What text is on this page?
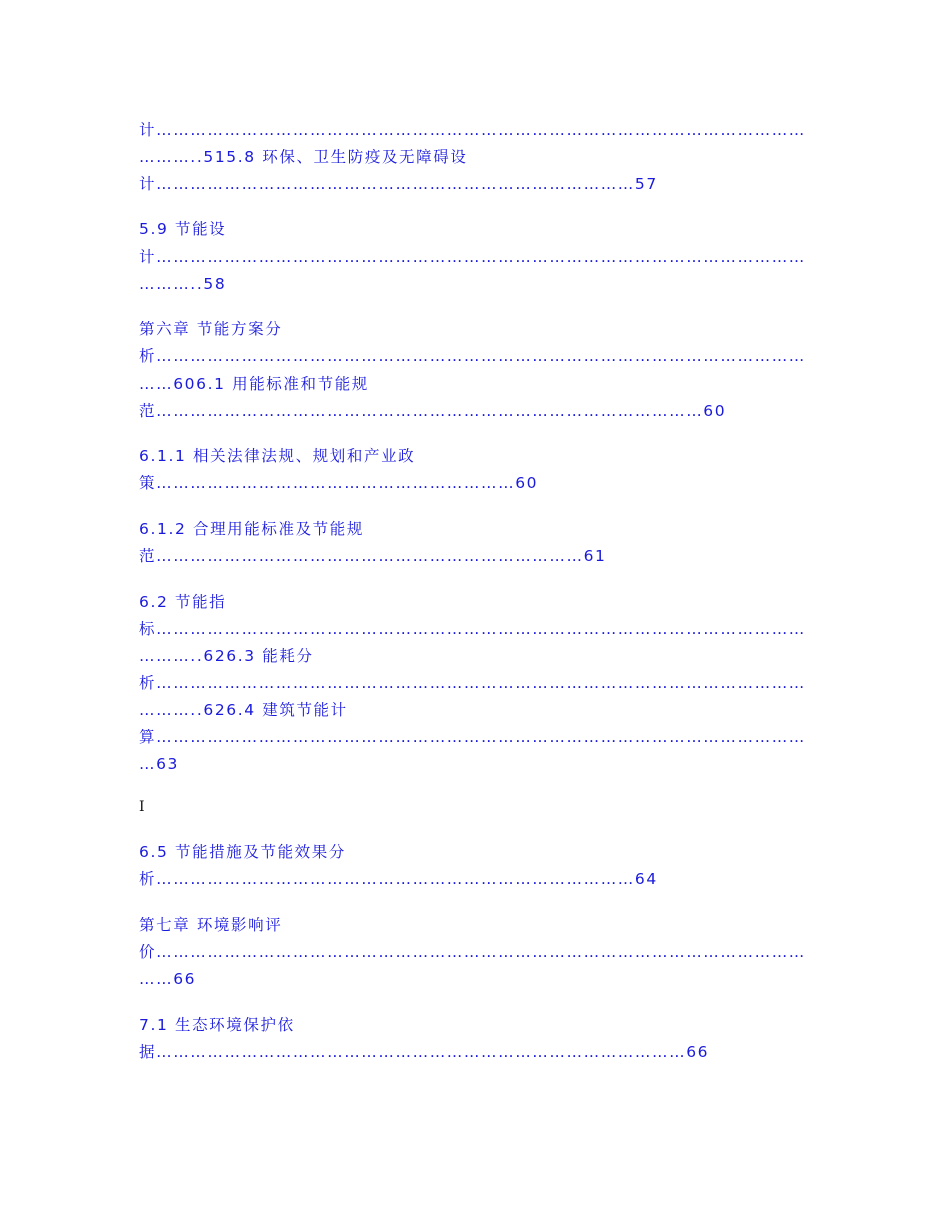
计……………………………………………………………………………………………………
………..515.8 环保、卫生防疫及无障碍设
计…………………………………………………………………………57
5.9 节能设
计……………………………………………………………………………………………………
………..58
第六章 节能方案分
析……………………………………………………………………………………………………
……606.1 用能标准和节能规
范……………………………………………………………………………………60
6.1.1 相关法律法规、规划和产业政
策………………………………………………………60
6.1.2 合理用能标准及节能规
范…………………………………………………………………61
6.2 节能指
标……………………………………………………………………………………………………
………..626.3 能耗分
析……………………………………………………………………………………………………
………..626.4 建筑节能计
算……………………………………………………………………………………………………
…63
I
6.5 节能措施及节能效果分
析…………………………………………………………………………64
第七章 环境影响评
价……………………………………………………………………………………………………
……66
7.1 生态环境保护依
据…………………………………………………………………………………66
